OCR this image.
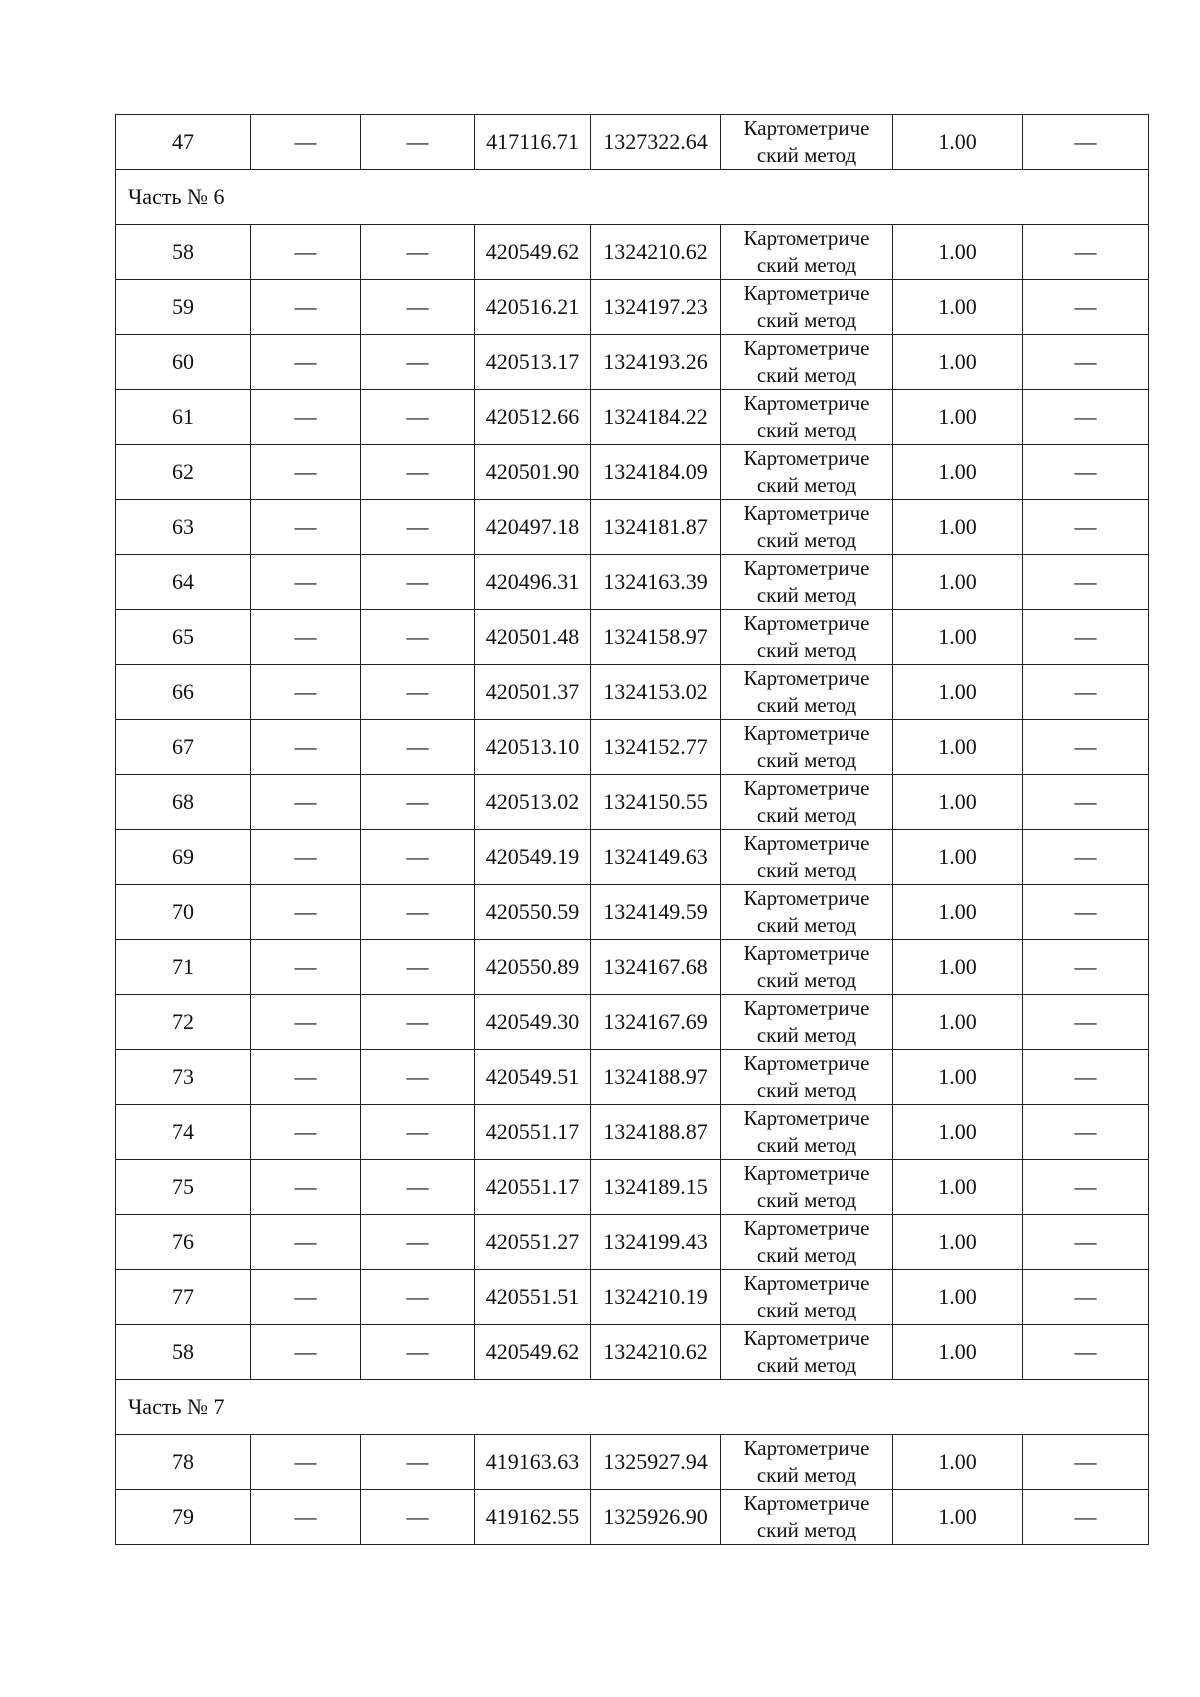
47	—	—	417116.71	1327322.64	Картометриче ский метод	1.00	—
Часть № 6							
58	—	—	420549.62	1324210.62	Картометриче ский метод	1.00	—
59	—	—	420516.21	1324197.23	Картометриче ский метод	1.00	—
60	—	—	420513.17	1324193.26	Картометриче ский метод	1.00	—
61	—	—	420512.66	1324184.22	Картометриче ский метод	1.00	—
62	—	—	420501.90	1324184.09	Картометриче ский метод	1.00	—
63	—	—	420497.18	1324181.87	Картометриче ский метод	1.00	—
64	—	—	420496.31	1324163.39	Картометриче ский метод	1.00	—
65	—	—	420501.48	1324158.97	Картометриче ский метод	1.00	—
66	—	—	420501.37	1324153.02	Картометриче ский метод	1.00	—
67	—	—	420513.10	1324152.77	Картометриче ский метод	1.00	—
68	—	—	420513.02	1324150.55	Картометриче ский метод	1.00	—
69	—	—	420549.19	1324149.63	Картометриче ский метод	1.00	—
70	—	—	420550.59	1324149.59	Картометриче ский метод	1.00	—
71	—	—	420550.89	1324167.68	Картометриче ский метод	1.00	—
72	—	—	420549.30	1324167.69	Картометриче ский метод	1.00	—
73	—	—	420549.51	1324188.97	Картометриче ский метод	1.00	—
74	—	—	420551.17	1324188.87	Картометриче ский метод	1.00	—
75	—	—	420551.17	1324189.15	Картометриче ский метод	1.00	—
76	—	—	420551.27	1324199.43	Картометриче ский метод	1.00	—
77	—	—	420551.51	1324210.19	Картометриче ский метод	1.00	—
58	—	—	420549.62	1324210.62	Картометриче ский метод	1.00	—
Часть № 7							
78	—	—	419163.63	1325927.94	Картометриче ский метод	1.00	—
79	—	—	419162.55	1325926.90	Картометриче ский метод	1.00	—
